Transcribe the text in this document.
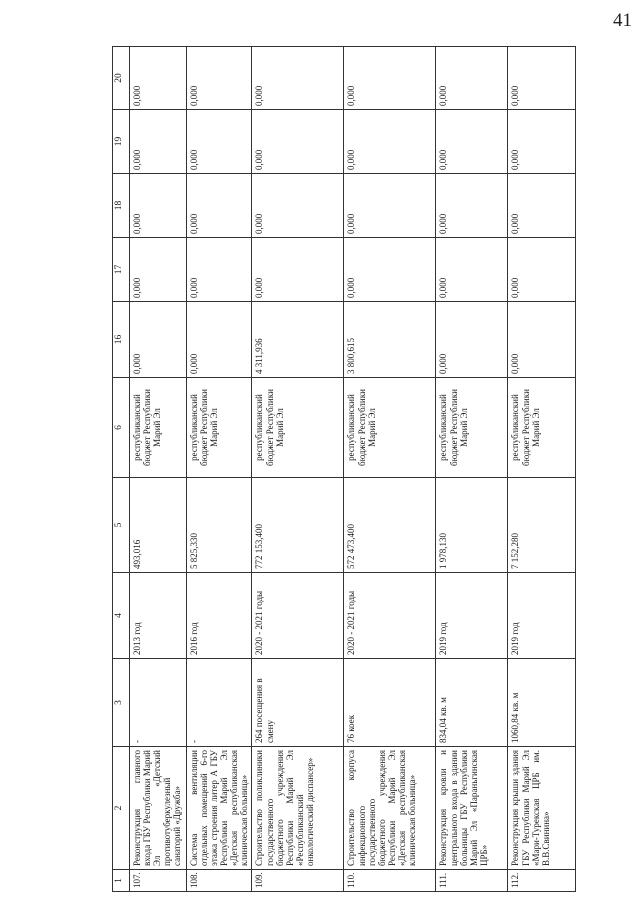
41
1	2	3	4	5	6	16	17	18	19	20
107.	Реконструкция главного входа ГБУ Республики Марий Эл «Детский противотуберкулезный санаторий «Дружба»	-	2013 год	493,016	республиканский бюджет Республики Марий Эл	0,000	0,000	0,000	0,000	0,000
108.	Система вентиляции отдельных помещений 6-го этажа строения литер А ГБУ Республики Марий Эл «Детская республиканская клиническая больница»	-	2016 год	5 825,330	республиканский бюджет Республики Марий Эл	0,000	0,000	0,000	0,000	0,000
109.	Строительство поликлиники государственного бюджетного учреждения Республики Марий Эл «Республиканский онкологический диспансер»	264 посещения в смену	2020 - 2021 годы	772 153,400	республиканский бюджет Республики Марий Эл	4 311,936	0,000	0,000	0,000	0,000
110.	Строительство корпуса инфекционного государственного бюджетного учреждения Республики Марий Эл «Детская республиканская клиническая больница»	76 коек	2020 - 2021 годы	572 473,400	республиканский бюджет Республики Марий Эл	3 800,615	0,000	0,000	0,000	0,000
111.	Реконструкция кровли и центрального входа в здании больницы ГБУ Республики Марий Эл «Параньгинская ЦРБ»	834,04 кв. м	2019 год	1 978,130	республиканский бюджет Республики Марий Эл	0,000	0,000	0,000	0,000	0,000
112.	Реконструкция крыши здания ГБУ Республики Марий Эл «Мари-Турекская ЦРБ им. В.В.Свинина»	1060,84 кв. м	2019 год	7 152,280	республиканский бюджет Республики Марий Эл	0,000	0,000	0,000	0,000	0,000
